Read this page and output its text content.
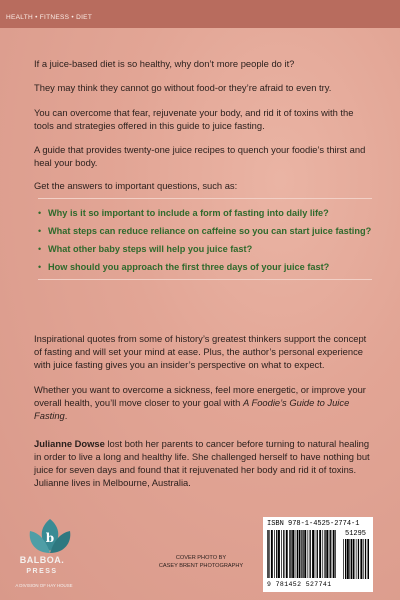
HEALTH • FITNESS • DIET

If a juice-based diet is so healthy, why don’t more people do it?

They may think they cannot go without food-or they’re afraid to even try.

You can overcome that fear, rejuvenate your body, and rid it of toxins with the tools and strategies offered in this guide to juice fasting.

A guide that provides twenty-one juice recipes to quench your foodie’s thirst and heal your body.

Get the answers to important questions, such as:

• Why is it so important to include a form of fasting into daily life?
• What steps can reduce reliance on caffeine so you can start juice fasting?
• What other baby steps will help you juice fast?
• How should you approach the first three days of your juice fast?

Inspirational quotes from some of history’s greatest thinkers support the concept of fasting and will set your mind at ease. Plus, the author’s personal experience with juice fasting gives you an insider’s perspective on what to expect.

Whether you want to overcome a sickness, feel more energetic, or improve your overall health, you’ll move closer to your goal with A Foodie’s Guide to Juice Fasting.

Julianne Dowse lost both her parents to cancer before turning to natural healing in order to live a long and healthy life. She challenged herself to have nothing but juice for seven days and found that it rejuvenated her body and rid it of toxins. Julianne lives in Melbourne, Australia.

b
BALBOA.
PRESS
A DIVISION OF HAY HOUSE
COVER PHOTO BY
CASEY BRENT PHOTOGRAPHY
ISBN 978-1-4525-2774-1
51295
9 781452 527741
